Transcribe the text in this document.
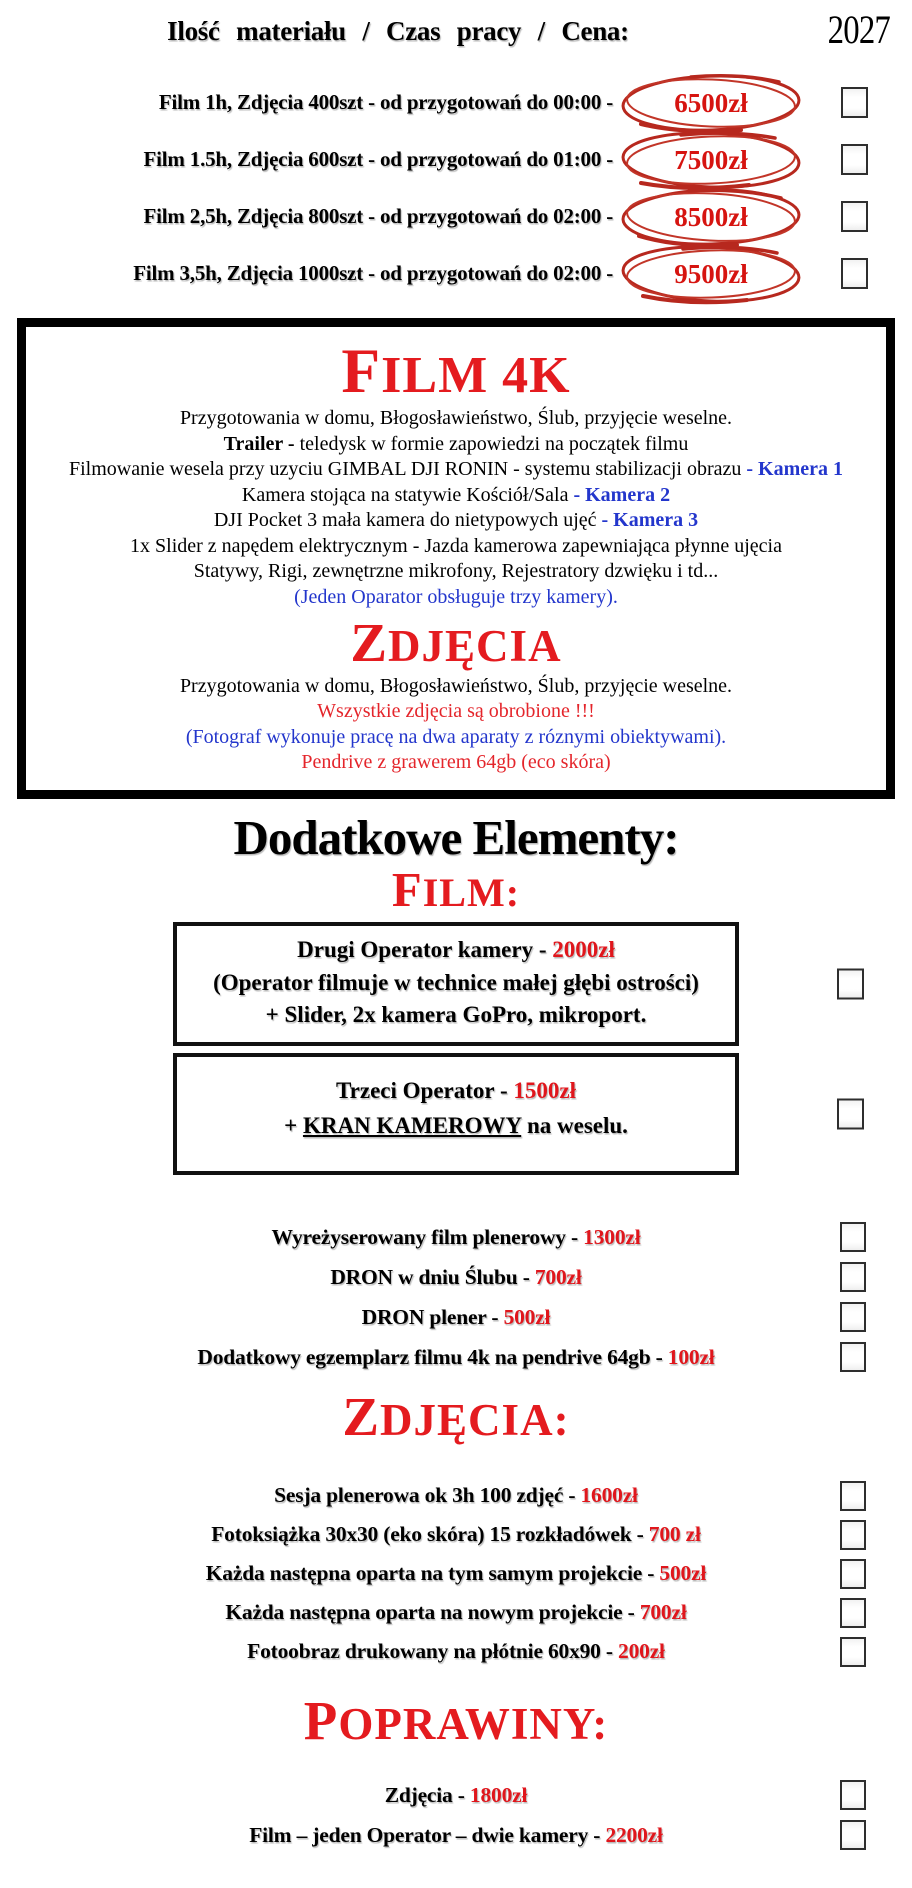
Ilość materiału / Czas pracy / Cena:	2027
Film 1h, Zdjęcia 400szt - od przygotowań do 00:00 -	6500zł
Film 1.5h, Zdjęcia 600szt - od przygotowań do 01:00 -	7500zł
Film 2,5h, Zdjęcia 800szt - od przygotowań do 02:00 -	8500zł
Film 3,5h, Zdjęcia 1000szt - od przygotowań do 02:00 -	9500zł
FILM 4K
Przygotowania w domu, Błogosławieństwo, Ślub, przyjęcie weselne.
Trailer - teledysk w formie zapowiedzi na początek filmu
Filmowanie wesela przy uzyciu GIMBAL DJI RONIN - systemu stabilizacji obrazu - Kamera 1
Kamera stojąca na statywie Kościół/Sala - Kamera 2
DJI Pocket 3 mała kamera do nietypowych ujęć - Kamera 3
1x Slider z napędem elektrycznym - Jazda kamerowa zapewniająca płynne ujęcia
Statywy, Rigi, zewnętrzne mikrofony, Rejestratory dzwięku i td...
(Jeden Oparator obsługuje trzy kamery).
ZDJĘCIA
Przygotowania w domu, Błogosławieństwo, Ślub, przyjęcie weselne.
Wszystkie zdjęcia są obrobione !!!
(Fotograf wykonuje pracę na dwa aparaty z róznymi obiektywami).
Pendrive z grawerem 64gb (eco skóra)
Dodatkowe Elementy:
FILM:
Drugi Operator kamery - 2000zł
(Operator filmuje w technice małej głębi ostrości)
+ Slider, 2x kamera GoPro, mikroport.
Trzeci Operator - 1500zł
+ KRAN KAMEROWY na weselu.
Wyreżyserowany film plenerowy - 1300zł
DRON w dniu Ślubu - 700zł
DRON plener - 500zł
Dodatkowy egzemplarz filmu 4k na pendrive 64gb - 100zł
ZDJĘCIA:
Sesja plenerowa ok 3h 100 zdjęć - 1600zł
Fotoksiążka 30x30 (eko skóra) 15 rozkładówek - 700 zł
Każda następna oparta na tym samym projekcie - 500zł
Każda następna oparta na nowym projekcie - 700zł
Fotoobraz drukowany na płótnie 60x90 - 200zł
POPRAWINY:
Zdjęcia - 1800zł
Film – jeden Operator – dwie kamery - 2200zł
